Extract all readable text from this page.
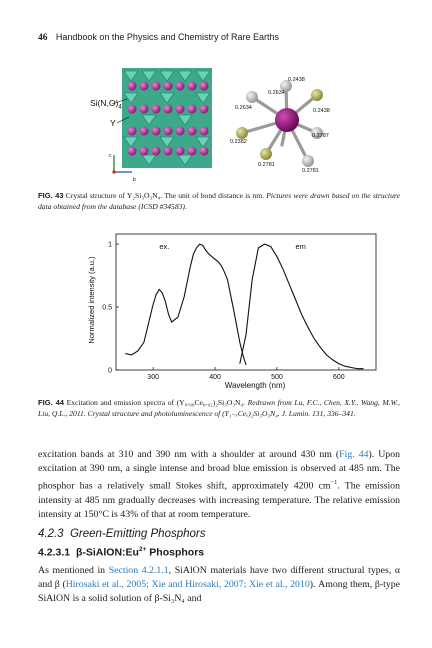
46 Handbook on the Physics and Chemistry of Rare Earths
$Si(N,O)_4$
Y
c
b
0.2438
0.2634
0.2634	0.2438
0.2382
0.2787
0.2781
0.2781
FIG. 43 Crystal structure of Y₂Si₃O₃N₄. The unit of bond distance is nm. Pictures were drawn based on the structure data obtained from the database (ICSD #34583).
Normalized intensity (a.u.)
Wavelength (nm)
300	400	500	600
0
0.5
1	ex.	em
FIG. 44 Excitation and emission spectra of (Y₀.₉₈Ce₀.₀₂)₂Si₃O₃N₄. Redrawn from Lu, F.C., Chen, X.Y., Wang, M.W., Liu, Q.L., 2011. Crystal structure and photoluminescence of (Y₁₋ₓCeₓ)₂Si₃O₃N₄. J. Lumin. 131, 336–341.
excitation bands at 310 and 390 nm with a shoulder at around 430 nm (Fig. 44). Upon excitation at 390 nm, a single intense and broad blue emission is observed at 485 nm. The phosphor has a relatively small Stokes shift, approximately 4200 $cm^{-1}$. The emission intensity at 485 nm gradually decreases with increasing temperature. The relative emission intensity at 150°C is 43% of that at room temperature.
4.2.3 Green-Emitting Phosphors
4.2.3.1 $\beta-SiAlON:Eu^{2+}$ Phosphors
As mentioned in Section 4.2.1.1, SiAlON materials have two different structural types, α and β (Hirosaki et al., 2005; Xie and Hirosaki, 2007; Xie et al., 2010). Among them, β-type SiAlON is a solid solution of β-Si₃N₄ and
